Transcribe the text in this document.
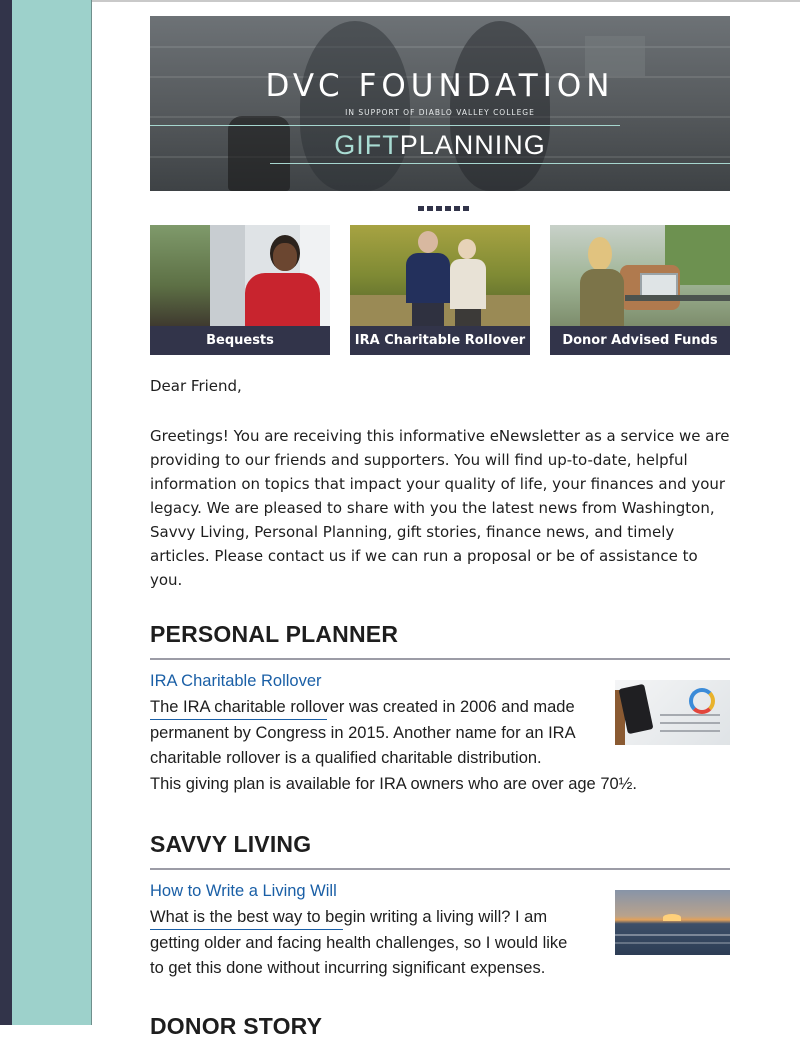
DVC FOUNDATION
IN SUPPORT OF DIABLO VALLEY COLLEGE
GIFTPLANNING
Bequests	IRA Charitable Rollover	Donor Advised Funds
Dear Friend,

Greetings! You are receiving this informative eNewsletter as a service we are providing to our friends and supporters. You will find up-to-date, helpful information on topics that impact your quality of life, your finances and your legacy. We are pleased to share with you the latest news from Washington, Savvy Living, Personal Planning, gift stories, finance news, and timely articles. Please contact us if we can run a proposal or be of assistance to you.

PERSONAL PLANNER
IRA Charitable Rollover
The IRA charitable rollover was created in 2006 and made
permanent by Congress in 2015. Another name for an IRA
charitable rollover is a qualified charitable distribution.
This giving plan is available for IRA owners who are over age 70½.
SAVVY LIVING
How to Write a Living Will
What is the best way to begin writing a living will? I am
getting older and facing health challenges, so I would like
to get this done without incurring significant expenses.
DONOR STORY
